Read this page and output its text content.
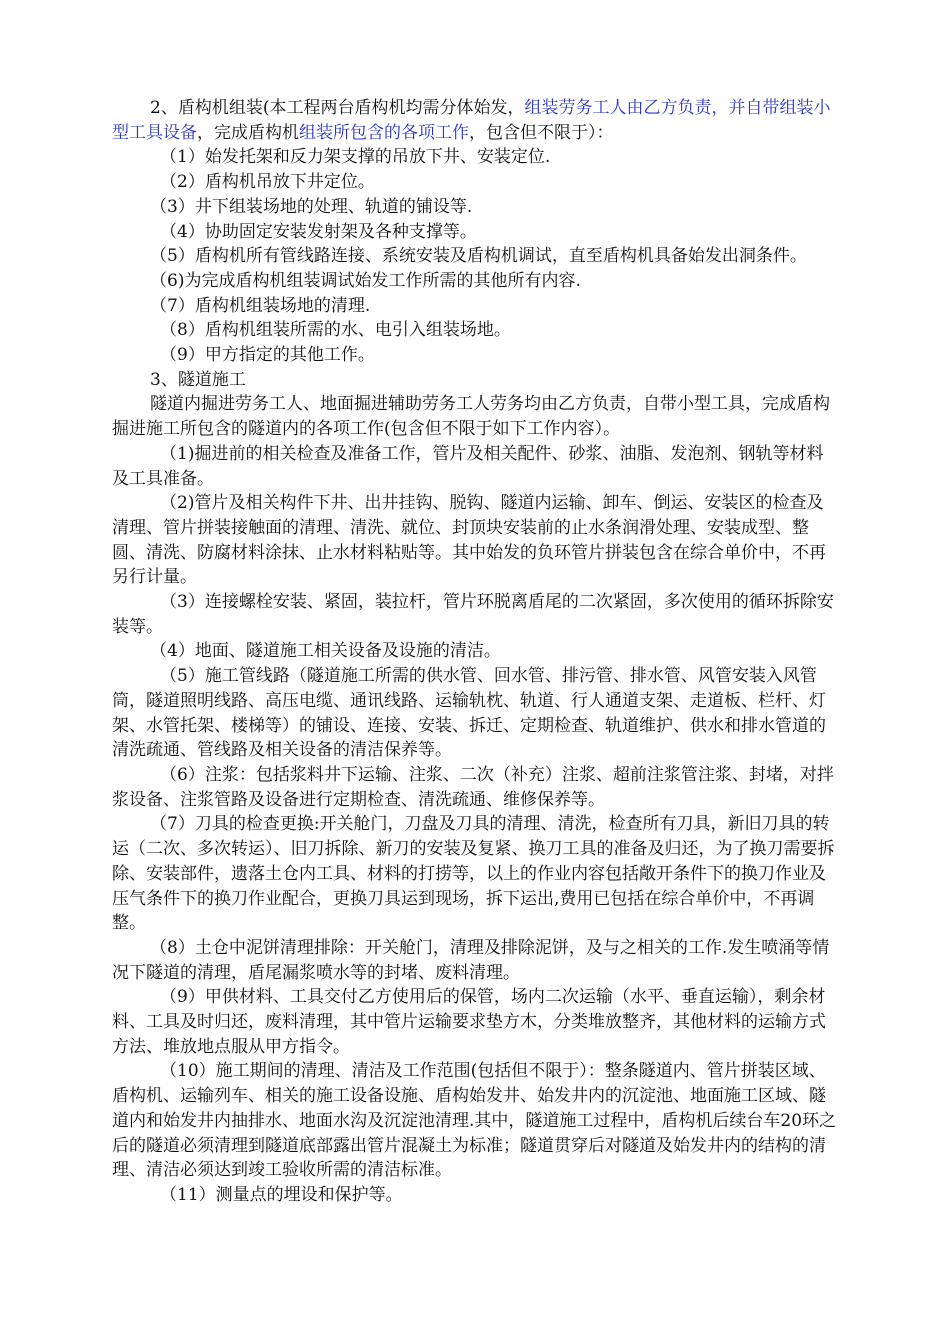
2、盾构机组装(本工程两台盾构机均需分体始发，组装劳务工人由乙方负责，并自带组装小型工具设备，完成盾构机组装所包含的各项工作，包含但不限于）：

（1）始发托架和反力架支撑的吊放下井、安装定位.

（2）盾构机吊放下井定位。

（3）井下组装场地的处理、轨道的铺设等.

（4）协助固定安装发射架及各种支撑等。

（5）盾构机所有管线路连接、系统安装及盾构机调试，直至盾构机具备始发出洞条件。

（6)为完成盾构机组装调试始发工作所需的其他所有内容.

（7）盾构机组装场地的清理.

（8）盾构机组装所需的水、电引入组装场地。

（9）甲方指定的其他工作。

3、隧道施工

隧道内掘进劳务工人、地面掘进辅助劳务工人劳务均由乙方负责，自带小型工具，完成盾构掘进施工所包含的隧道内的各项工作(包含但不限于如下工作内容）。

（1)掘进前的相关检查及准备工作，管片及相关配件、砂浆、油脂、发泡剂、钢轨等材料及工具准备。

（2)管片及相关构件下井、出井挂钩、脱钩、隧道内运输、卸车、倒运、安装区的检查及清理、管片拼装接触面的清理、清洗、就位、封顶块安装前的止水条润滑处理、安装成型、整圆、清洗、防腐材料涂抹、止水材料粘贴等。其中始发的负环管片拼装包含在综合单价中，不再另行计量。

（3）连接螺栓安装、紧固，装拉杆，管片环脱离盾尾的二次紧固，多次使用的循环拆除安装等。

（4）地面、隧道施工相关设备及设施的清洁。

（5）施工管线路（隧道施工所需的供水管、回水管、排污管、排水管、风管安装入风管筒，隧道照明线路、高压电缆、通讯线路、运输轨枕、轨道、行人通道支架、走道板、栏杆、灯架、水管托架、楼梯等）的铺设、连接、安装、拆迁、定期检查、轨道维护、供水和排水管道的清洗疏通、管线路及相关设备的清洁保养等。

（6）注浆：包括浆料井下运输、注浆、二次（补充）注浆、超前注浆管注浆、封堵，对拌浆设备、注浆管路及设备进行定期检查、清洗疏通、维修保养等。

（7）刀具的检查更换:开关舱门，刀盘及刀具的清理、清洗，检查所有刀具，新旧刀具的转运（二次、多次转运）、旧刀拆除、新刀的安装及复紧、换刀工具的准备及归还，为了换刀需要拆除、安装部件，遗落土仓内工具、材料的打捞等，以上的作业内容包括敞开条件下的换刀作业及压气条件下的换刀作业配合，更换刀具运到现场，拆下运出,费用已包括在综合单价中，不再调整。

（8）土仓中泥饼清理排除：开关舱门，清理及排除泥饼，及与之相关的工作.发生喷涌等情况下隧道的清理，盾尾漏浆喷水等的封堵、废料清理。

（9）甲供材料、工具交付乙方使用后的保管，场内二次运输（水平、垂直运输），剩余材料、工具及时归还，废料清理，其中管片运输要求垫方木，分类堆放整齐，其他材料的运输方式方法、堆放地点服从甲方指令。

（10）施工期间的清理、清洁及工作范围(包括但不限于）：整条隧道内、管片拼装区域、盾构机、运输列车、相关的施工设备设施、盾构始发井、始发井内的沉淀池、地面施工区域、隧道内和始发井内抽排水、地面水沟及沉淀池清理.其中，隧道施工过程中，盾构机后续台车20环之后的隧道必须清理到隧道底部露出管片混凝土为标准；隧道贯穿后对隧道及始发井内的结构的清理、清洁必须达到竣工验收所需的清洁标准。

（11）测量点的埋设和保护等。
